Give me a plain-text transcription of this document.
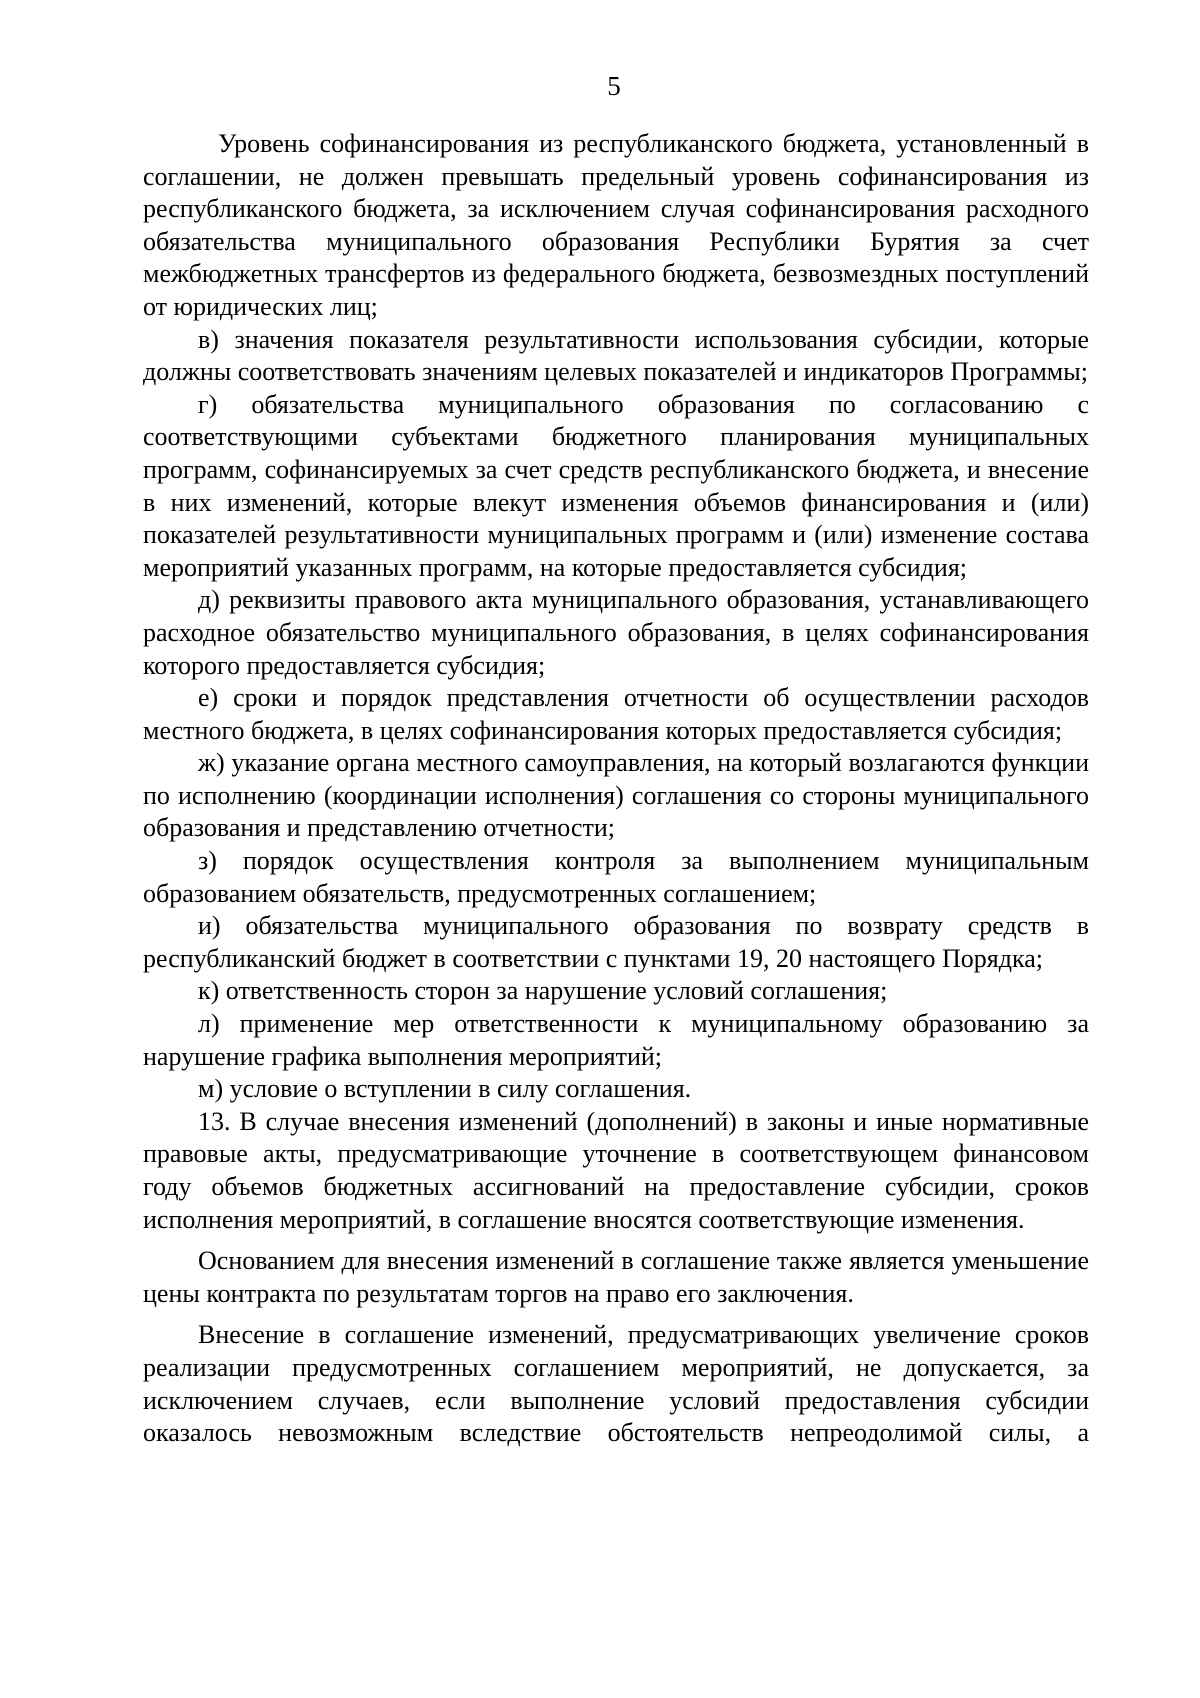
5

Уровень софинансирования из республиканского бюджета, установленный в соглашении, не должен превышать предельный уровень софинансирования из республиканского бюджета, за исключением случая софинансирования расходного обязательства муниципального образования Республики Бурятия за счет межбюджетных трансфертов из федерального бюджета, безвозмездных поступлений от юридических лиц;

в) значения показателя результативности использования субсидии, которые должны соответствовать значениям целевых показателей и индикаторов Программы;

г) обязательства муниципального образования по согласованию с соответствующими субъектами бюджетного планирования муниципальных программ, софинансируемых за счет средств республиканского бюджета, и внесение в них изменений, которые влекут изменения объемов финансирования и (или) показателей результативности муниципальных программ и (или) изменение состава мероприятий указанных программ, на которые предоставляется субсидия;

д) реквизиты правового акта муниципального образования, устанавливающего расходное обязательство муниципального образования, в целях софинансирования которого предоставляется субсидия;

е) сроки и порядок представления отчетности об осуществлении расходов местного бюджета, в целях софинансирования которых предоставляется субсидия;

ж) указание органа местного самоуправления, на который возлагаются функции по исполнению (координации исполнения) соглашения со стороны муниципального образования и представлению отчетности;

з) порядок осуществления контроля за выполнением муниципальным образованием обязательств, предусмотренных соглашением;

и) обязательства муниципального образования по возврату средств в республиканский бюджет в соответствии с пунктами 19, 20 настоящего Порядка;

к) ответственность сторон за нарушение условий соглашения;

л) применение мер ответственности к муниципальному образованию за нарушение графика выполнения мероприятий;

м) условие о вступлении в силу соглашения.

13. В случае внесения изменений (дополнений) в законы и иные нормативные правовые акты, предусматривающие уточнение в соответствующем финансовом году объемов бюджетных ассигнований на предоставление субсидии, сроков исполнения мероприятий, в соглашение вносятся соответствующие изменения.

Основанием для внесения изменений в соглашение также является уменьшение цены контракта по результатам торгов на право его заключения.

Внесение в соглашение изменений, предусматривающих увеличение сроков реализации предусмотренных соглашением мероприятий, не допускается, за исключением случаев, если выполнение условий предоставления субсидии оказалось невозможным вследствие обстоятельств непреодолимой силы, а
